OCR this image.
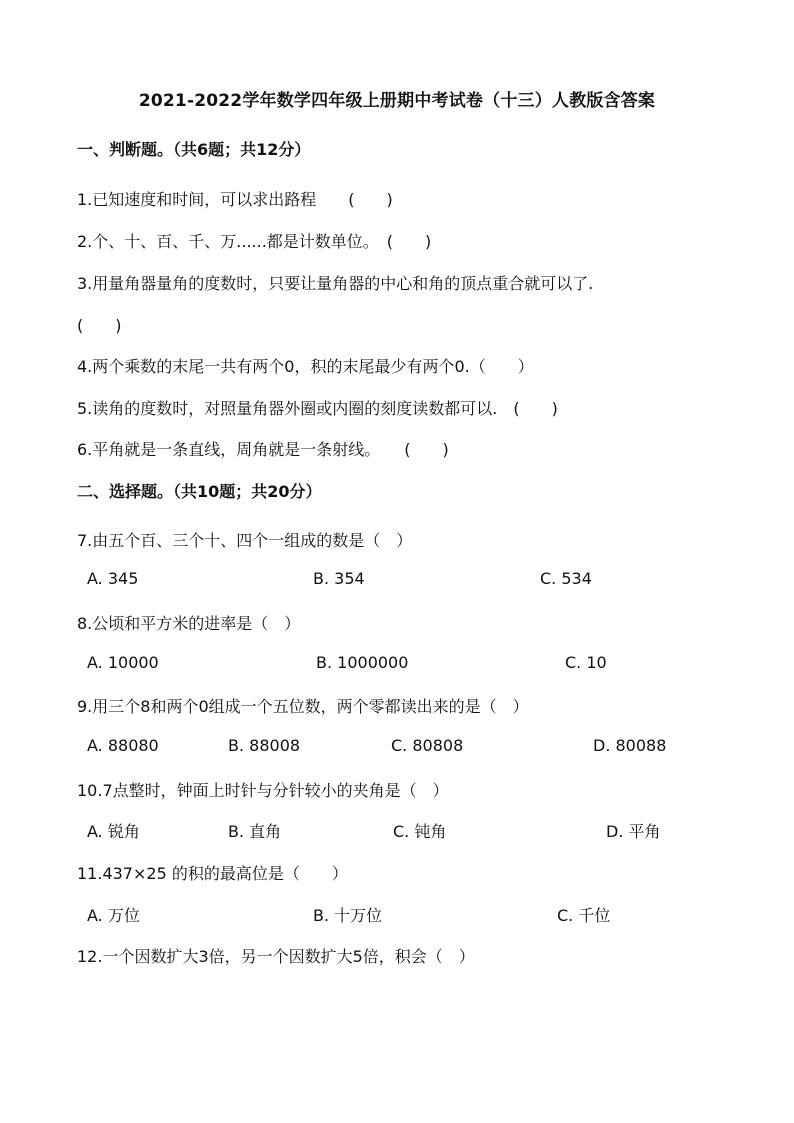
2021-2022学年数学四年级上册期中考试卷（十三）人教版含答案
一、判断题。（共6题；共12分）
1.已知速度和时间，可以求出路程　　(　　)
2.个、十、百、千、万......都是计数单位。　(　　)
3.用量角器量角的度数时，只要让量角器的中心和角的顶点重合就可以了.
(　　)
4.两个乘数的末尾一共有两个0，积的末尾最少有两个0.（　　）
5.读角的度数时，对照量角器外圈或内圈的刻度读数都可以.　(　　)
6.平角就是一条直线，周角就是一条射线。　　(　　)
二、选择题。（共10题；共20分）
7.由五个百、三个十、四个一组成的数是（　）
A. 345	B. 354	C. 534
8.公顷和平方米的进率是（　）
A. 10000	B. 1000000	C. 10
9.用三个8和两个0组成一个五位数，两个零都读出来的是（　）
A. 88080	B. 88008	C. 80808	D. 80088
10.7点整时，钟面上时针与分针较小的夹角是（　）
A. 锐角	B. 直角	C. 钝角	D. 平角
11.437×25 的积的最高位是（　　）
A. 万位	B. 十万位	C. 千位
12.一个因数扩大3倍，另一个因数扩大5倍，积会（　）
